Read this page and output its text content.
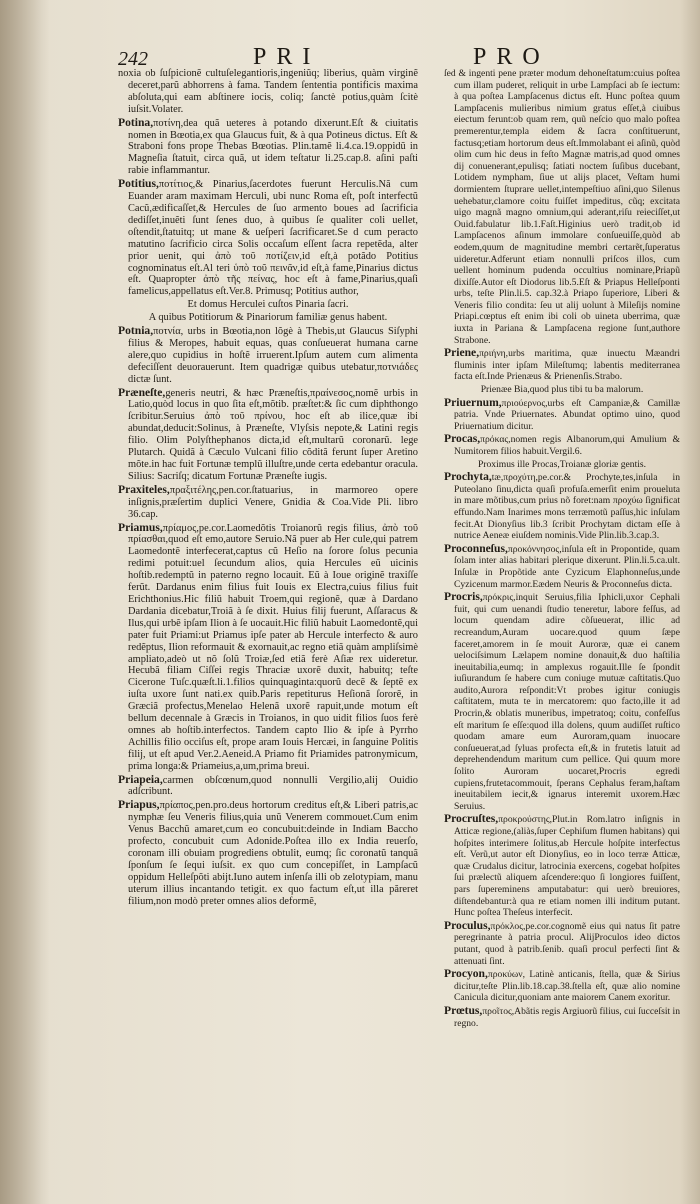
242	PRI	PRO
noxia ob ſuſpicionẽ cultuſelegantioris,ingeniũq; liberius, quàm virginẽ deceret,parũ abhorrens à fama. Tandem ſententia pontificis maxima abſoluta,qui eam abſtinere iocis, coliq; ſanctè potius,quàm ſcitè iuſsit.Volater.
Potina,ποτίνη,dea quã ueteres à potando dixerunt.Eſt & ciuitatis nomen in Bœotia,ex qua Glaucus fuit, & à qua Potineus dictus. Eſt & Straboni fons prope Thebas Bœotias. Plin.tamẽ li.4.ca.19.oppidũ in Magneſia ſtatuit, circa quã, ut idem teſtatur li.25.cap.8. aſini paſti rabie inflammantur.
Potitius,ποτίτιος,& Pinarius,ſacerdotes fuerunt Herculis.Nã cum Euander aram maximam Herculi, ubi nunc Roma eſt, poſt interfectũ Cacũ,ædificaſſet,& Hercules de ſuo armento boues ad ſacrificia dediſſet,inuẽti ſunt ſenes duo, à quibus ſe qualiter coli uellet, oſtendit,ſtatuitq; ut mane & ueſperi ſacrificaret.Se d cum peracto matutino ſacrificio circa Solis occaſum eſſent ſacra repetẽda, alter prior uenit, qui ἀπὸ τοῦ ποτίζειν,id eſt,à potãdo Potitius cognominatus eſt.Al teri ὑπὸ τοῦ πεινᾶν,id eſt,à fame,Pinarius dictus eſt. Quapropter ἀπὸ τῆς πείνας, hoc eſt à fame,Pinarius,quaſi famelicus,appellatus eſt.Ver.8. Primusq; Potitius author,
Et domus Herculei cuſtos Pinaria ſacri.
A quibus Potitiorum & Pinariorum familiæ genus habent.
Potnia,ποτνία, urbs in Bœotia,non lõgè à Thebis,ut Glaucus Siſyphi filius & Meropes, habuit equas, quas conſueuerat humana carne alere,quo cupidius in hoſtẽ irruerent.Ipſum autem cum alimenta defeciſſent deuorauerunt. Item quadrigæ quibus utebatur,ποτνιάδες dictæ ſunt.
Præneſte,generis neutri, & hæc Præneſtis,πραίνεσος,nomẽ urbis in Latio,quòd locus in quo ſita eſt,mõtib. præſtet:& ſic cum diphthongo ſcribitur.Seruius ἀπὸ τοῦ πρίνου, hoc eſt ab ilice,quæ ibi abundat,deducit:Solinus, à Præneſte, Vlyſsis nepote,& Latini regis filio. Olim Polyſthephanos dicta,id eſt,multarũ coronarũ. lege Plutarch. Quidã à Cæculo Vulcani filio cõditã ferunt ſuper Aretino mõte.in hac fuit Fortunæ templũ illuſtre,unde certa edebantur oracula. Silius: Sacriſq; dicatum Fortunæ Præneſte iugis.
Praxiteles,πραξιτέλης,pen.cor.ſtatuarius, in marmoreo opere inſignis,præſertim duplici Venere, Gnidia & Coa.Vide Pli. libro 36.cap.
Priamus,πρίαμος,pe.cor.Laomedõtis Troianorũ regis filius, ἀπὸ τοῦ πρίασθαι,quod eſt emo,autore Seruio.Nã puer ab Her cule,qui patrem Laomedontẽ interfecerat,captus cũ Heſio na ſorore ſolus pecunia redimi potuit:uel ſecundum alios, quia Hercules eũ uicinis hoſtib.redemptũ in paterno regno locauit. Eũ à Ioue originẽ traxiſſe ferũt. Dardanus enim filius fuit Iouis ex Electra,cuius filius fuit Erichthonius.Hic filiũ habuit Troem,qui regionẽ, quæ à Dardano Dardania dicebatur,Troiã à ſe dixit. Huius filij fuerunt, Aſſaracus & Ilus,qui urbẽ ipſam Ilion à ſe uocauit.Hic filiũ habuit Laomedontẽ,qui pater fuit Priami:ut Priamus ipſe pater ab Hercule interfecto & auro redẽptus, Ilion reformauit & exornauit,ac regno etiã quàm ampliſsimè ampliato,adeò ut nõ ſolũ Troiæ,ſed etiã ferè Aſiæ rex uideretur. Hecubã filiam Ciſſei regis Thraciæ uxorẽ duxit, habuitq; teſte Cicerone Tuſc.quæſt.li.1.filios quinquaginta:quorũ decẽ & ſeptẽ ex iuſta uxore ſunt nati.ex quib.Paris repetiturus Heſionã ſororẽ, in Græciã profectus,Menelao Helenã uxorẽ rapuit,unde motum eſt bellum decennale à Græcis in Troianos, in quo uidit filios ſuos ferè omnes ab hoſtib.interfectos. Tandem capto Ilio & ipſe à Pyrrho Achillis filio occiſus eſt, prope aram Iouis Hercæi, in ſanguine Politis filij, ut eſt apud Ver.2.Aeneid.A Priamo fit Priamides patronymicum, prima longa:& Priameius,a,um,prima breui.
Priapeia,carmen obſcœnum,quod nonnulli Vergilio,alij Ouidio adſcribunt.
Priapus,πρίαπος,pen.pro.deus hortorum creditus eſt,& Liberi patris,ac nymphæ ſeu Veneris filius,quia unũ Venerem commouet.Cum enim Venus Bacchũ amaret,cum eo concubuit:deinde in Indiam Baccho profecto, concubuit cum Adonide.Poſtea illo ex India reuerſo, coronam illi obuiam progrediens obtulit, eumq; ſic coronatũ tanquã ſponſum ſe ſequi iuſsit. ex quo cum concepiſſet, in Lampſacũ oppidum Helleſpõti abijt.Iuno autem inſenſa illi ob zelotypiam, manu uterum illius incantando tetigit. ex quo factum eſt,ut illa păreret filium,non modò preter omnes alios deformẽ,
ſed & ingenti pene præter modum dehoneſtatum:cuius poſtea cum illam puderet, reliquit in urbe Lampſaci ab ſe iectum: à qua poſtea Lampſacenus dictus eſt. Hunc poſtea quum Lampſacenis mulieribus nimium gratus eſſet,à ciuibus eiectum ferunt:ob quam rem, quũ neſcio quo malo poſtea premerentur,templa eidem & ſacra conſtituerunt, factusq;etiam hortorum deus eſt.Immolabant ei aſinũ, quòd olim cum hic deus in feſto Magnæ matris,ad quod omnes dij conuenerant,epulisq; ſatiati noctem ſuſibus ducebant, Lotidem nympham, ſiue ut alijs placet, Veſtam humi dormientem ſtuprare uellet,intempeſtiuo aſini,quo Silenus uehebatur,clamore coitu fuiſſet impeditus, cũq; excitata uigo magnã magno omnium,qui aderant,riſu reieciſſet,ut Ouid.fabulatur lib.1.Faſt.Higinius uerò tradit,ob id Lampſacenos aſinum immolare conſueuiſſe,quòd ab eodem,quum de magnitudine membri certarẽt,ſuperatus uideretur.Adferunt etiam nonnulli priſcos illos, cum uellent hominum pudenda occultius nominare,Priapũ dixiſſe.Autor eſt Diodorus lib.5.Eſt & Priapus Helleſponti urbs, teſte Plin.li.5. cap.32.à Priapo ſuperiore, Liberi & Veneris filio condita: ſeu ut alij uolunt à Mileſijs nomine Priapi.cœptus eſt enim ibi coli ob uineta uberrima, quæ iuxta in Pariana & Lampſacena regione ſunt,authore Strabone.
Priene,πριήνη,urbs maritima, quæ inuectu Mæandri fluminis inter ipſam Mileſtumq; labentis mediterranea facta eſt.Inde Prienæus & Prienenſis.Strabo.
Prienæe Bia,quod plus tibi tu ba malorum.
Priuernum,πριούερνος,urbs eſt Campaniæ,& Camillæ patria. Vnde Priuernates. Abundat optimo uino, quod Priuernatium dicitur.
Procas,πρόκας,nomen regis Albanorum,qui Amulium & Numitorem filios habuit.Vergil.6.
Proximus ille Procas,Troianæ gloriæ gentis.
Prochyta,tæ,προχύτη,pe.cor.& Prochyte,tes,inſula in Puteolano ſinu,dicta quaſi profuſa.emerſit enim proueluta in mare mõtibus,cum prius nõ foret:nam προχύω ſignificat effundo.Nam Inarimes mons terræmotũ paſſus,hic inſulam fecit.At Dionyſius lib.3 ſcribit Prochytam dictam eſſe à nutrice Aeneæ eiuſdem nominis.Vide Plin.lib.3.cap.3.
Proconneſus,προκόννησος,inſula eſt in Propontide, quam ſolam inter alias habitari plerique dixerunt. Plin.li.5.ca.ult. Inſulæ in Propõtide ante Cyzicum Elaphonneſus,unde Cyzicenum marmor.Eædem Neuris & Proconneſus dicta.
Procris,πρόκρις,inquit Seruius,filia Iphicli,uxor Cephali fuit, qui cum uenandi ſtudio teneretur, labore feſſus, ad locum quendam adire cõſueuerat, illic ad recreandum,Auram uocare.quod quum ſæpe faceret,amorem in ſe mouit Auroræ, quæ ei canem uelociſsimum Lælapem nomine donauit,& duo haſtilia ineuitabilia,eumq; in amplexus rogauit.Ille ſe ſpondit iuſiurandum ſe habere cum coniuge mutuæ caſtitatis.Quo audito,Aurora reſpondit:Vt probes igitur coniugis caſtitatem, muta te in mercatorem: quo facto,ille it ad Procrin,& oblatis muneribus, impetratoq; coitu, confeſſus eſt maritum ſe eſſe:quod illa dolens, quum audiſſet ruſtico quodam amare eum Auroram,quam inuocare conſueuerat,ad ſyluas profecta eſt,& in frutetis latuit ad deprehendendum maritum cum pellice. Qui quum more ſolito Auroram uocaret,Procris egredi cupiens,frutetacommouit, ſperans Cephalus feram,haſtam ineuitabilem iecit,& ignarus interemit uxorem.Hæc Seruius.
Procruſtes,προκρούστης,Plut.in Rom.latro inſignis in Atticæ regione,(aliàs,ſuper Cephiſum flumen habitans) qui hoſpites interimere ſolitus,ab Hercule hoſpite interfectus eſt. Verũ,ut autor eſt Dionyſius, eo in loco terræ Atticæ, quæ Crudalus dicitur, latrocinia exercens, cogebat hoſpites ſui prælectũ aliquem aſcendere:quo ſi longiores fuiſſent, pars ſupereminens amputabatur: qui uerò breuiores, diſtendebantur:à qua re etiam nomen illi inditum putant. Hunc poſtea Theſeus interfecit.
Proculus,πρόκλος,pe.cor.cognomẽ eius qui natus ſit patre peregrinante à patria procul. AlijProculos ideo dictos putant, quod à patrib.ſenib. quaſi procul perfecti ſint & attenuati ſint.
Procyon,προκύων, Latinè anticanis, ſtella, quæ & Sirius dicitur,teſte Plin.lib.18.cap.38.ſtella eſt, quæ alio nomine Canicula dicitur,quoniam ante maiorem Canem exoritur.
Prœtus,προῖτος,Abãtis regis Argiuorũ filius, cui ſucceſsit in regno.
